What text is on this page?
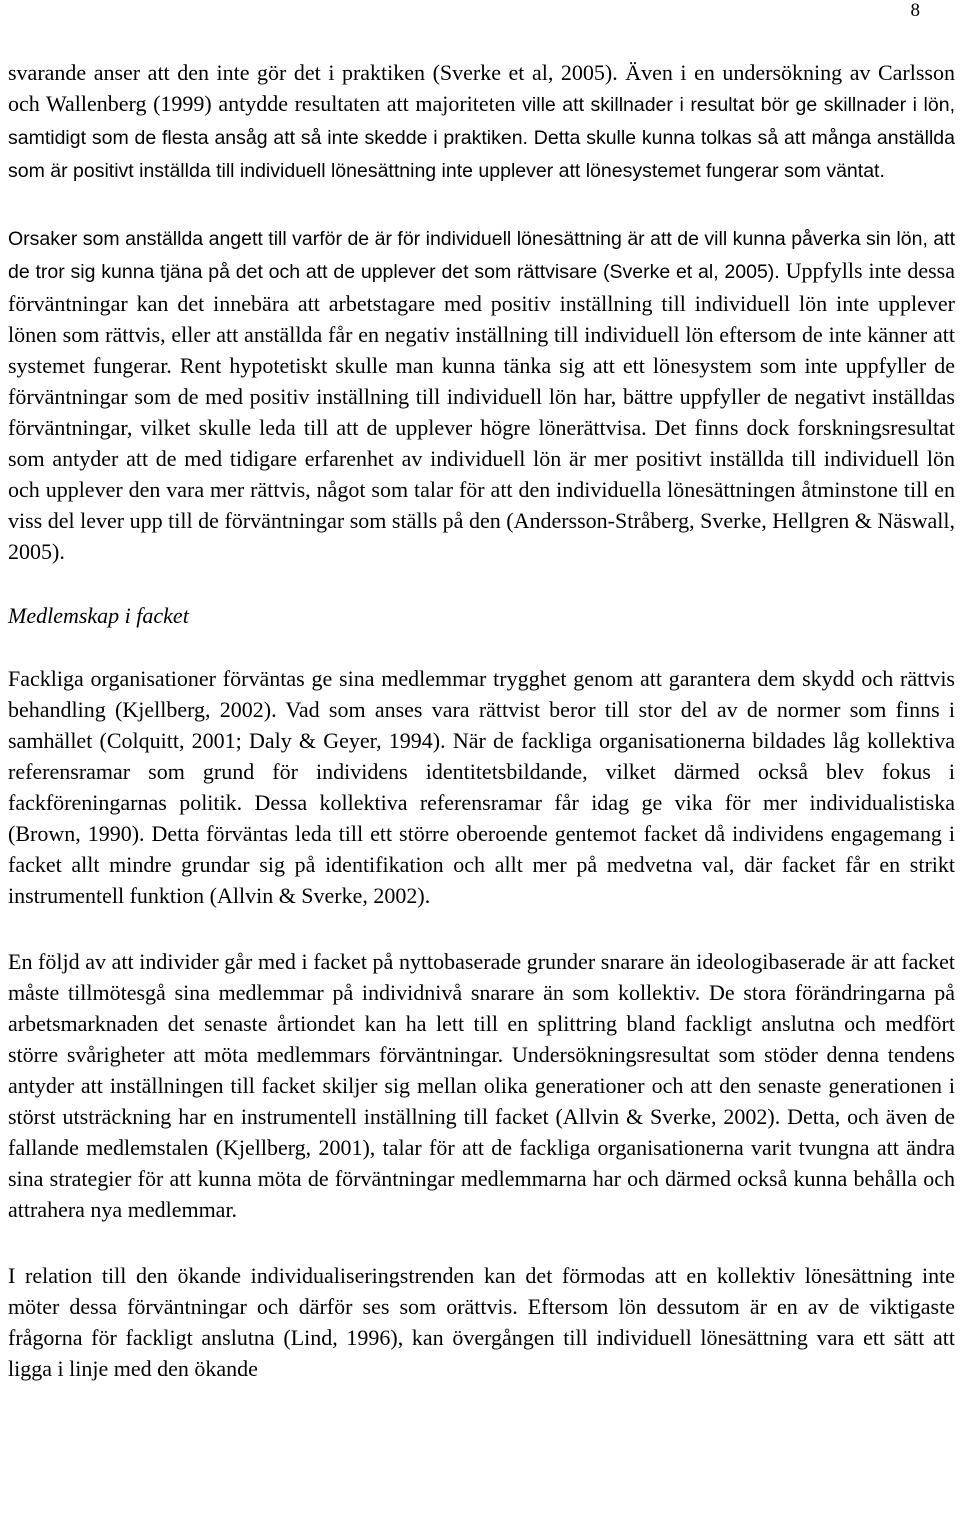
8

svarande anser att den inte gör det i praktiken (Sverke et al, 2005). Även i en undersökning av Carlsson och Wallenberg (1999) antydde resultaten att majoriteten ville att skillnader i resultat bör ge skillnader i lön, samtidigt som de flesta ansåg att så inte skedde i praktiken. Detta skulle kunna tolkas så att många anställda som är positivt inställda till individuell lönesättning inte upplever att lönesystemet fungerar som väntat.

Orsaker som anställda angett till varför de är för individuell lönesättning är att de vill kunna påverka sin lön, att de tror sig kunna tjäna på det och att de upplever det som rättvisare (Sverke et al, 2005). Uppfylls inte dessa förväntningar kan det innebära att arbetstagare med positiv inställning till individuell lön inte upplever lönen som rättvis, eller att anställda får en negativ inställning till individuell lön eftersom de inte känner att systemet fungerar. Rent hypotetiskt skulle man kunna tänka sig att ett lönesystem som inte uppfyller de förväntningar som de med positiv inställning till individuell lön har, bättre uppfyller de negativt inställdas förväntningar, vilket skulle leda till att de upplever högre lönerättvisa. Det finns dock forskningsresultat som antyder att de med tidigare erfarenhet av individuell lön är mer positivt inställda till individuell lön och upplever den vara mer rättvis, något som talar för att den individuella lönesättningen åtminstone till en viss del lever upp till de förväntningar som ställs på den (Andersson-Stråberg, Sverke, Hellgren & Näswall, 2005).

Medlemskap i facket

Fackliga organisationer förväntas ge sina medlemmar trygghet genom att garantera dem skydd och rättvis behandling (Kjellberg, 2002). Vad som anses vara rättvist beror till stor del av de normer som finns i samhället (Colquitt, 2001; Daly & Geyer, 1994). När de fackliga organisationerna bildades låg kollektiva referensramar som grund för individens identitetsbildande, vilket därmed också blev fokus i fackföreningarnas politik. Dessa kollektiva referensramar får idag ge vika för mer individualistiska (Brown, 1990). Detta förväntas leda till ett större oberoende gentemot facket då individens engagemang i facket allt mindre grundar sig på identifikation och allt mer på medvetna val, där facket får en strikt instrumentell funktion (Allvin & Sverke, 2002).

En följd av att individer går med i facket på nyttobaserade grunder snarare än ideologibaserade är att facket måste tillmötesgå sina medlemmar på individnivå snarare än som kollektiv. De stora förändringarna på arbetsmarknaden det senaste årtiondet kan ha lett till en splittring bland fackligt anslutna och medfört större svårigheter att möta medlemmars förväntningar. Undersökningsresultat som stöder denna tendens antyder att inställningen till facket skiljer sig mellan olika generationer och att den senaste generationen i störst utsträckning har en instrumentell inställning till facket (Allvin & Sverke, 2002). Detta, och även de fallande medlemstalen (Kjellberg, 2001), talar för att de fackliga organisationerna varit tvungna att ändra sina strategier för att kunna möta de förväntningar medlemmarna har och därmed också kunna behålla och attrahera nya medlemmar.

I relation till den ökande individualiseringstrenden kan det förmodas att en kollektiv lönesättning inte möter dessa förväntningar och därför ses som orättvis. Eftersom lön dessutom är en av de viktigaste frågorna för fackligt anslutna (Lind, 1996), kan övergången till individuell lönesättning vara ett sätt att ligga i linje med den ökande
